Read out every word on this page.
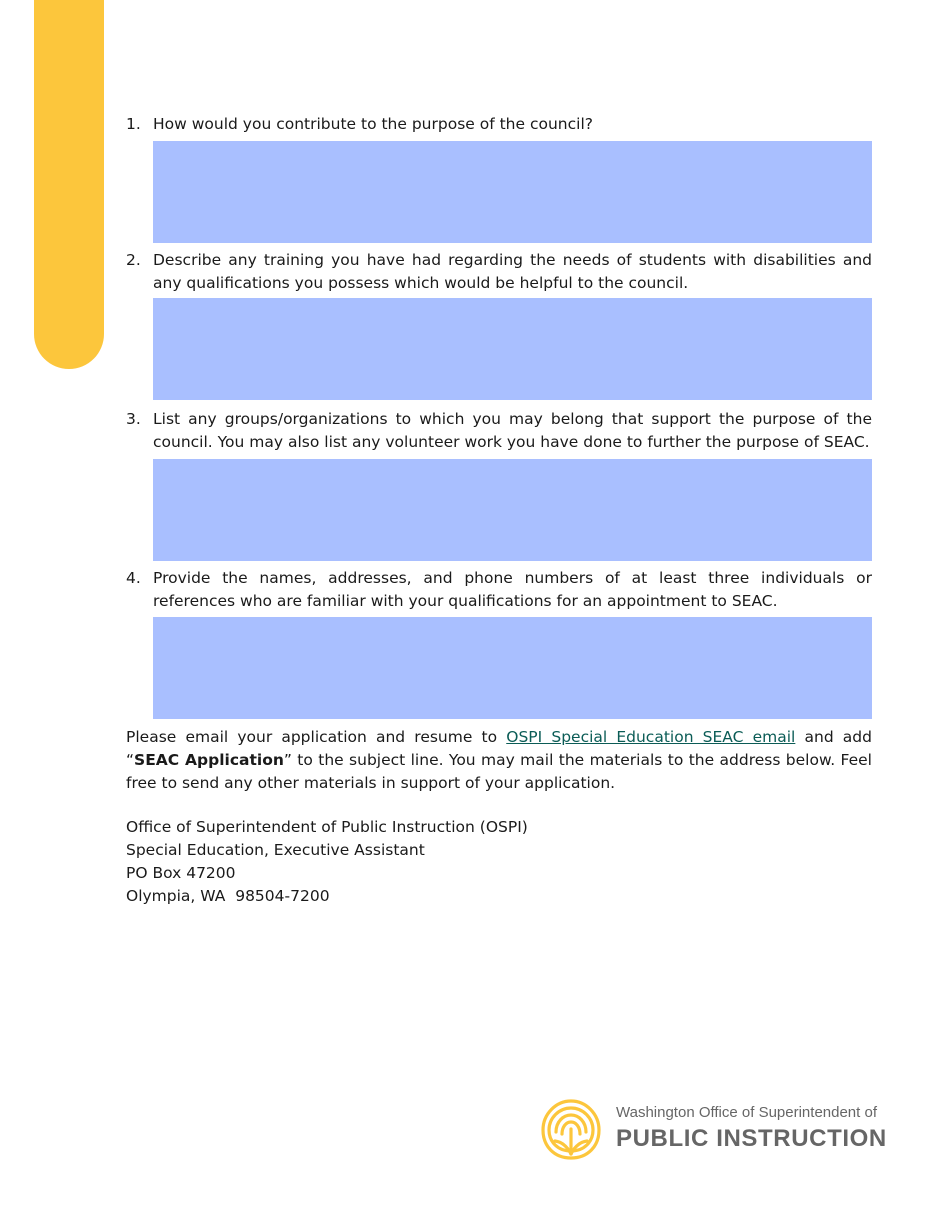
1. How would you contribute to the purpose of the council?
2. Describe any training you have had regarding the needs of students with disabilities and any qualifications you possess which would be helpful to the council.
3. List any groups/organizations to which you may belong that support the purpose of the council. You may also list any volunteer work you have done to further the purpose of SEAC.
4. Provide the names, addresses, and phone numbers of at least three individuals or references who are familiar with your qualifications for an appointment to SEAC.
Please email your application and resume to OSPI Special Education SEAC email and add “SEAC Application” to the subject line. You may mail the materials to the address below. Feel free to send any other materials in support of your application.
Office of Superintendent of Public Instruction (OSPI)
Special Education, Executive Assistant
PO Box 47200
Olympia, WA  98504-7200
Washington Office of Superintendent of
PUBLIC INSTRUCTION
